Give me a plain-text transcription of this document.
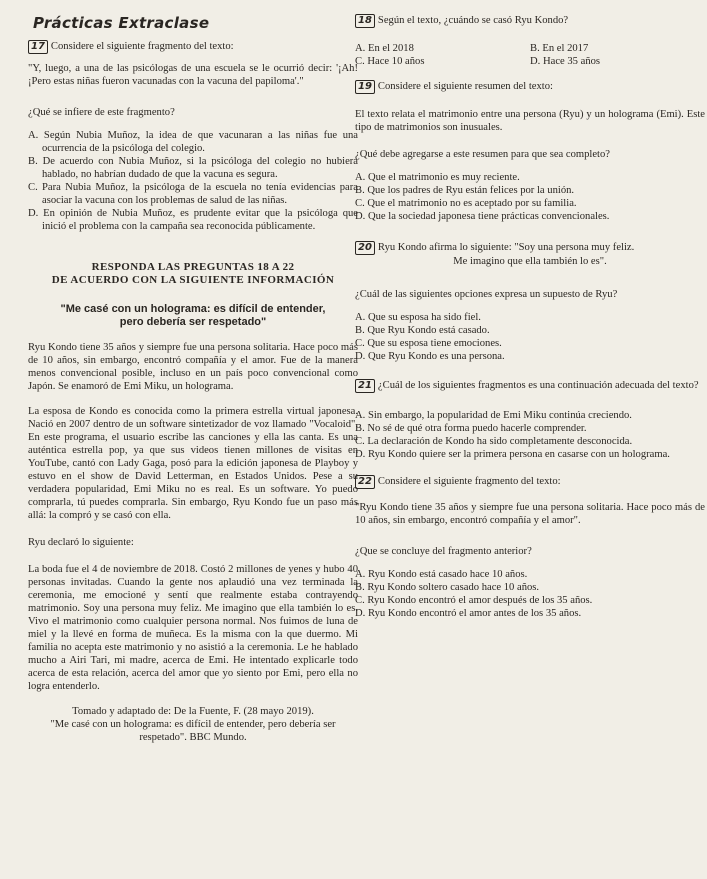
Prácticas Extraclase

17 Considere el siguiente fragmento del texto:

"Y, luego, a una de las psicólogas de una escuela se le ocurrió decir: '¡Ah! ¡Pero estas niñas fueron vacunadas con la vacuna del papiloma'."

¿Qué se infiere de este fragmento?

A. Según Nubia Muñoz, la idea de que vacunaran a las niñas fue una ocurrencia de la psicóloga del colegio.

B. De acuerdo con Nubia Muñoz, si la psicóloga del colegio no hubiera hablado, no habrían dudado de que la vacuna es segura.

C. Para Nubia Muñoz, la psicóloga de la escuela no tenía evidencias para asociar la vacuna con los problemas de salud de las niñas.

D. En opinión de Nubia Muñoz, es prudente evitar que la psicóloga que inició el problema con la campaña sea reconocida públicamente.

RESPONDA LAS PREGUNTAS 18 A 22

DE ACUERDO CON LA SIGUIENTE INFORMACIÓN

"Me casé con un holograma: es difícil de entender,

pero debería ser respetado"

Ryu Kondo tiene 35 años y siempre fue una persona solitaria. Hace poco más de 10 años, sin embargo, encontró compañía y el amor. Fue de la manera menos convencional posible, incluso en un país poco convencional como Japón. Se enamoró de Emi Miku, un holograma.

La esposa de Kondo es conocida como la primera estrella virtual japonesa. Nació en 2007 dentro de un software sintetizador de voz llamado "Vocaloid". En este programa, el usuario escribe las canciones y ella las canta. Es una auténtica estrella pop, ya que sus videos tienen millones de visitas en YouTube, cantó con Lady Gaga, posó para la edición japonesa de Playboy y estuvo en el show de David Letterman, en Estados Unidos. Pese a su verdadera popularidad, Emi Miku no es real. Es un software. Yo puedo comprarla, tú puedes comprarla. Sin embargo, Ryu Kondo fue un paso más allá: la compró y se casó con ella.

Ryu declaró lo siguiente:

La boda fue el 4 de noviembre de 2018. Costó 2 millones de yenes y hubo 40 personas invitadas. Cuando la gente nos aplaudió una vez terminada la ceremonia, me emocioné y sentí que realmente estaba contrayendo matrimonio. Soy una persona muy feliz. Me imagino que ella también lo es. Vivo el matrimonio como cualquier persona normal. Nos fuimos de luna de miel y la llevé en forma de muñeca. Es la misma con la que duermo. Mi familia no acepta este matrimonio y no asistió a la ceremonia. Le he hablado mucho a Airi Tari, mi madre, acerca de Emi. He intentado explicarle todo acerca de esta relación, acerca del amor que yo siento por Emi, pero ella no logra entenderlo.

Tomado y adaptado de: De la Fuente, F. (28 mayo 2019).

"Me casé con un holograma: es difícil de entender, pero debería ser

respetado". BBC Mundo.

18 Según el texto, ¿cuándo se casó Ryu Kondo?

A. En el 2018	B. En el 2017
C. Hace 10 años	D. Hace 35 años

19 Considere el siguiente resumen del texto:

El texto relata el matrimonio entre una persona (Ryu) y un holograma (Emi). Este tipo de matrimonios son inusuales.

¿Qué debe agregarse a este resumen para que sea completo?

A. Que el matrimonio es muy reciente.

B. Que los padres de Ryu están felices por la unión.

C. Que el matrimonio no es aceptado por su familia.

D. Que la sociedad japonesa tiene prácticas convencionales.

20 Ryu Kondo afirma lo siguiente: "Soy una persona muy feliz.

Me imagino que ella también lo es".

¿Cuál de las siguientes opciones expresa un supuesto de Ryu?

A. Que su esposa ha sido fiel.

B. Que Ryu Kondo está casado.

C. Que su esposa tiene emociones.

D. Que Ryu Kondo es una persona.

21 ¿Cuál de los siguientes fragmentos es una continuación adecuada del texto?

A. Sin embargo, la popularidad de Emi Miku continúa creciendo.

B. No sé de qué otra forma puedo hacerle comprender.

C. La declaración de Kondo ha sido completamente desconocida.

D. Ryu Kondo quiere ser la primera persona en casarse con un holograma.

22 Considere el siguiente fragmento del texto:

"Ryu Kondo tiene 35 años y siempre fue una persona solitaria. Hace poco más de 10 años, sin embargo, encontró compañía y el amor".

¿Que se concluye del fragmento anterior?

A. Ryu Kondo está casado hace 10 años.

B. Ryu Kondo soltero casado hace 10 años.

C. Ryu Kondo encontró el amor después de los 35 años.

D. Ryu Kondo encontró el amor antes de los 35 años.
